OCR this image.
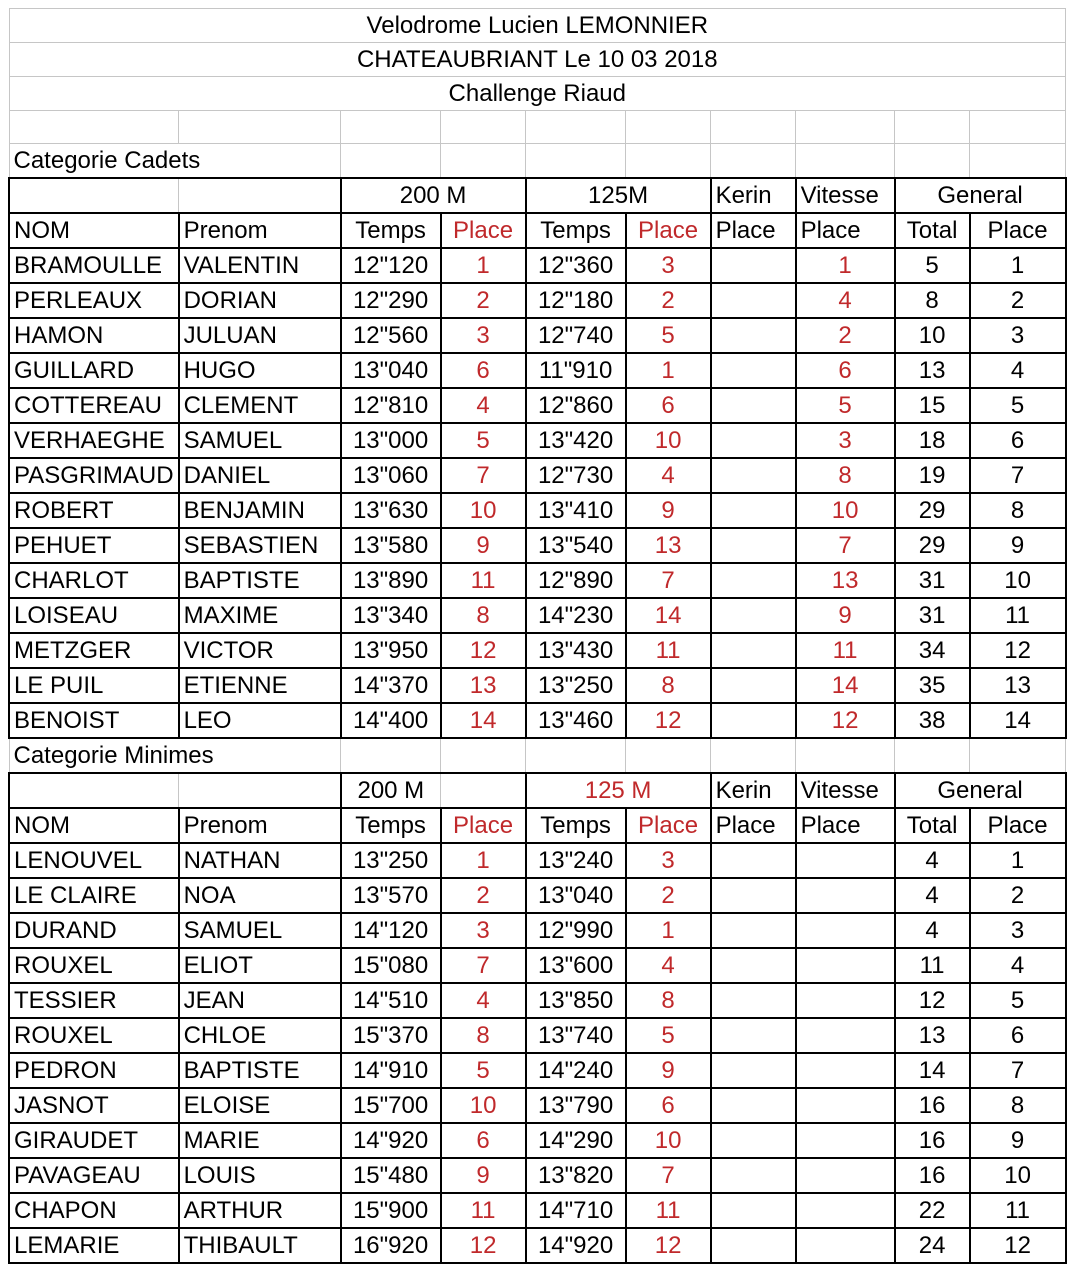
Velodrome Lucien LEMONNIER									
CHATEAUBRIANT Le 10 03 2018									
Challenge Riaud									

Categorie Cadets									
		200 M		125M		Kerin	Vitesse	General	
NOM	Prenom	Temps	Place	Temps	Place	Place	Place	Total	Place
BRAMOULLE	VALENTIN	12"120	1	12"360	3		1	5	1
PERLEAUX	DORIAN	12"290	2	12"180	2		4	8	2
HAMON	JULUAN	12"560	3	12"740	5		2	10	3
GUILLARD	HUGO	13"040	6	11"910	1		6	13	4
COTTEREAU	CLEMENT	12"810	4	12"860	6		5	15	5
VERHAEGHE	SAMUEL	13"000	5	13"420	10		3	18	6
PASGRIMAUD	DANIEL	13"060	7	12"730	4		8	19	7
ROBERT	BENJAMIN	13"630	10	13"410	9		10	29	8
PEHUET	SEBASTIEN	13"580	9	13"540	13		7	29	9
CHARLOT	BAPTISTE	13"890	11	12"890	7		13	31	10
LOISEAU	MAXIME	13"340	8	14"230	14		9	31	11
METZGER	VICTOR	13"950	12	13"430	11		11	34	12
LE PUIL	ETIENNE	14"370	13	13"250	8		14	35	13
BENOIST	LEO	14"400	14	13"460	12		12	38	14
Categorie Minimes									
		200 M		125 M		Kerin	Vitesse	General	
NOM	Prenom	Temps	Place	Temps	Place	Place	Place	Total	Place
LENOUVEL	NATHAN	13"250	1	13"240	3			4	1
LE CLAIRE	NOA	13"570	2	13"040	2			4	2
DURAND	SAMUEL	14"120	3	12"990	1			4	3
ROUXEL	ELIOT	15"080	7	13"600	4			11	4
TESSIER	JEAN	14"510	4	13"850	8			12	5
ROUXEL	CHLOE	15"370	8	13"740	5			13	6
PEDRON	BAPTISTE	14"910	5	14"240	9			14	7
JASNOT	ELOISE	15"700	10	13"790	6			16	8
GIRAUDET	MARIE	14"920	6	14"290	10			16	9
PAVAGEAU	LOUIS	15"480	9	13"820	7			16	10
CHAPON	ARTHUR	15"900	11	14"710	11			22	11
LEMARIE	THIBAULT	16"920	12	14"920	12			24	12
